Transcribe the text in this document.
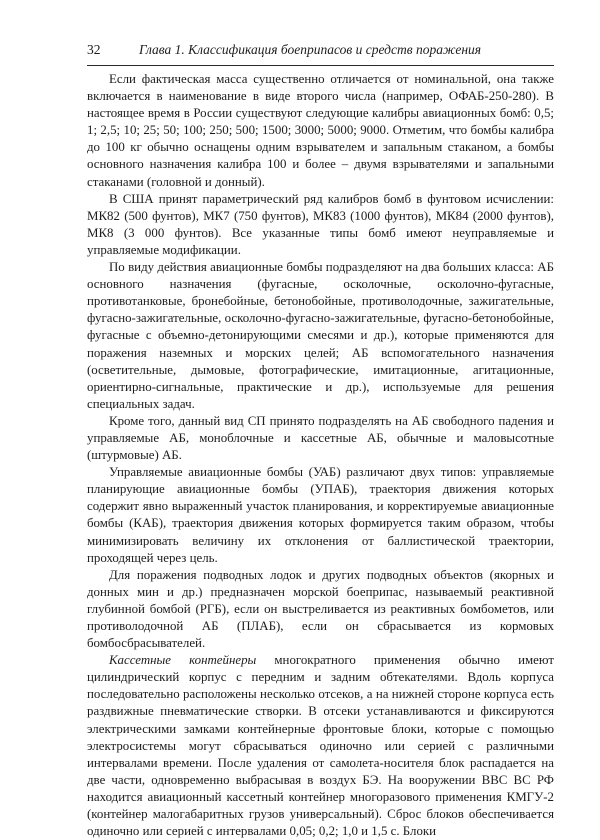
32	Глава 1. Классификация боеприпасов и средств поражения

Если фактическая масса существенно отличается от номинальной, она также включается в наименование в виде второго числа (например, ОФАБ-250-280). В настоящее время в России существуют следующие калибры авиационных бомб: 0,5; 1; 2,5; 10; 25; 50; 100; 250; 500; 1500; 3000; 5000; 9000. Отметим, что бомбы калибра до 100 кг обычно оснащены одним взрывателем и запальным стаканом, а бомбы основного назначения калибра 100 и более – двумя взрывателями и запальными стаканами (головной и донный).

В США принят параметрический ряд калибров бомб в фунтовом исчислении: МК82 (500 фунтов), МК7 (750 фунтов), МК83 (1000 фунтов), МК84 (2000 фунтов), МК8 (3 000 фунтов). Все указанные типы бомб имеют неуправляемые и управляемые модификации.

По виду действия авиационные бомбы подразделяют на два больших класса: АБ основного назначения (фугасные, осколочные, осколочно-фугасные, противотанковые, бронебойные, бетонобойные, противолодочные, зажигательные, фугасно-зажигательные, осколочно-фугасно-зажигательные, фугасно-бетонобойные, фугасные с объемно-детонирующими смесями и др.), которые применяются для поражения наземных и морских целей; АБ вспомогательного назначения (осветительные, дымовые, фотографические, имитационные, агитационные, ориентирно-сигнальные, практические и др.), используемые для решения специальных задач.

Кроме того, данный вид СП принято подразделять на АБ свободного падения и управляемые АБ, моноблочные и кассетные АБ, обычные и маловысотные (штурмовые) АБ.

Управляемые авиационные бомбы (УАБ) различают двух типов: управляемые планирующие авиационные бомбы (УПАБ), траектория движения которых содержит явно выраженный участок планирования, и корректируемые авиационные бомбы (КАБ), траектория движения которых формируется таким образом, чтобы минимизировать величину их отклонения от баллистической траектории, проходящей через цель.

Для поражения подводных лодок и других подводных объектов (якорных и донных мин и др.) предназначен морской боеприпас, называемый реактивной глубинной бомбой (РГБ), если он выстреливается из реактивных бомбометов, или противолодочной АБ (ПЛАБ), если он сбрасывается из кормовых бомбосбрасывателей.

Кассетные контейнеры многократного применения обычно имеют цилиндрический корпус с передним и задним обтекателями. Вдоль корпуса последовательно расположены несколько отсеков, а на нижней стороне корпуса есть раздвижные пневматические створки. В отсеки устанавливаются и фиксируются электрическими замками контейнерные фронтовые блоки, которые с помощью электросистемы могут сбрасываться одиночно или серией с различными интервалами времени. После удаления от самолета-носителя блок распадается на две части, одновременно выбрасывая в воздух БЭ. На вооружении ВВС ВС РФ находится авиационный кассетный контейнер многоразового применения КМГУ-2 (контейнер малогабаритных грузов универсальный). Сброс блоков обеспечивается одиночно или серией с интервалами 0,05; 0,2; 1,0 и 1,5 с. Блоки
